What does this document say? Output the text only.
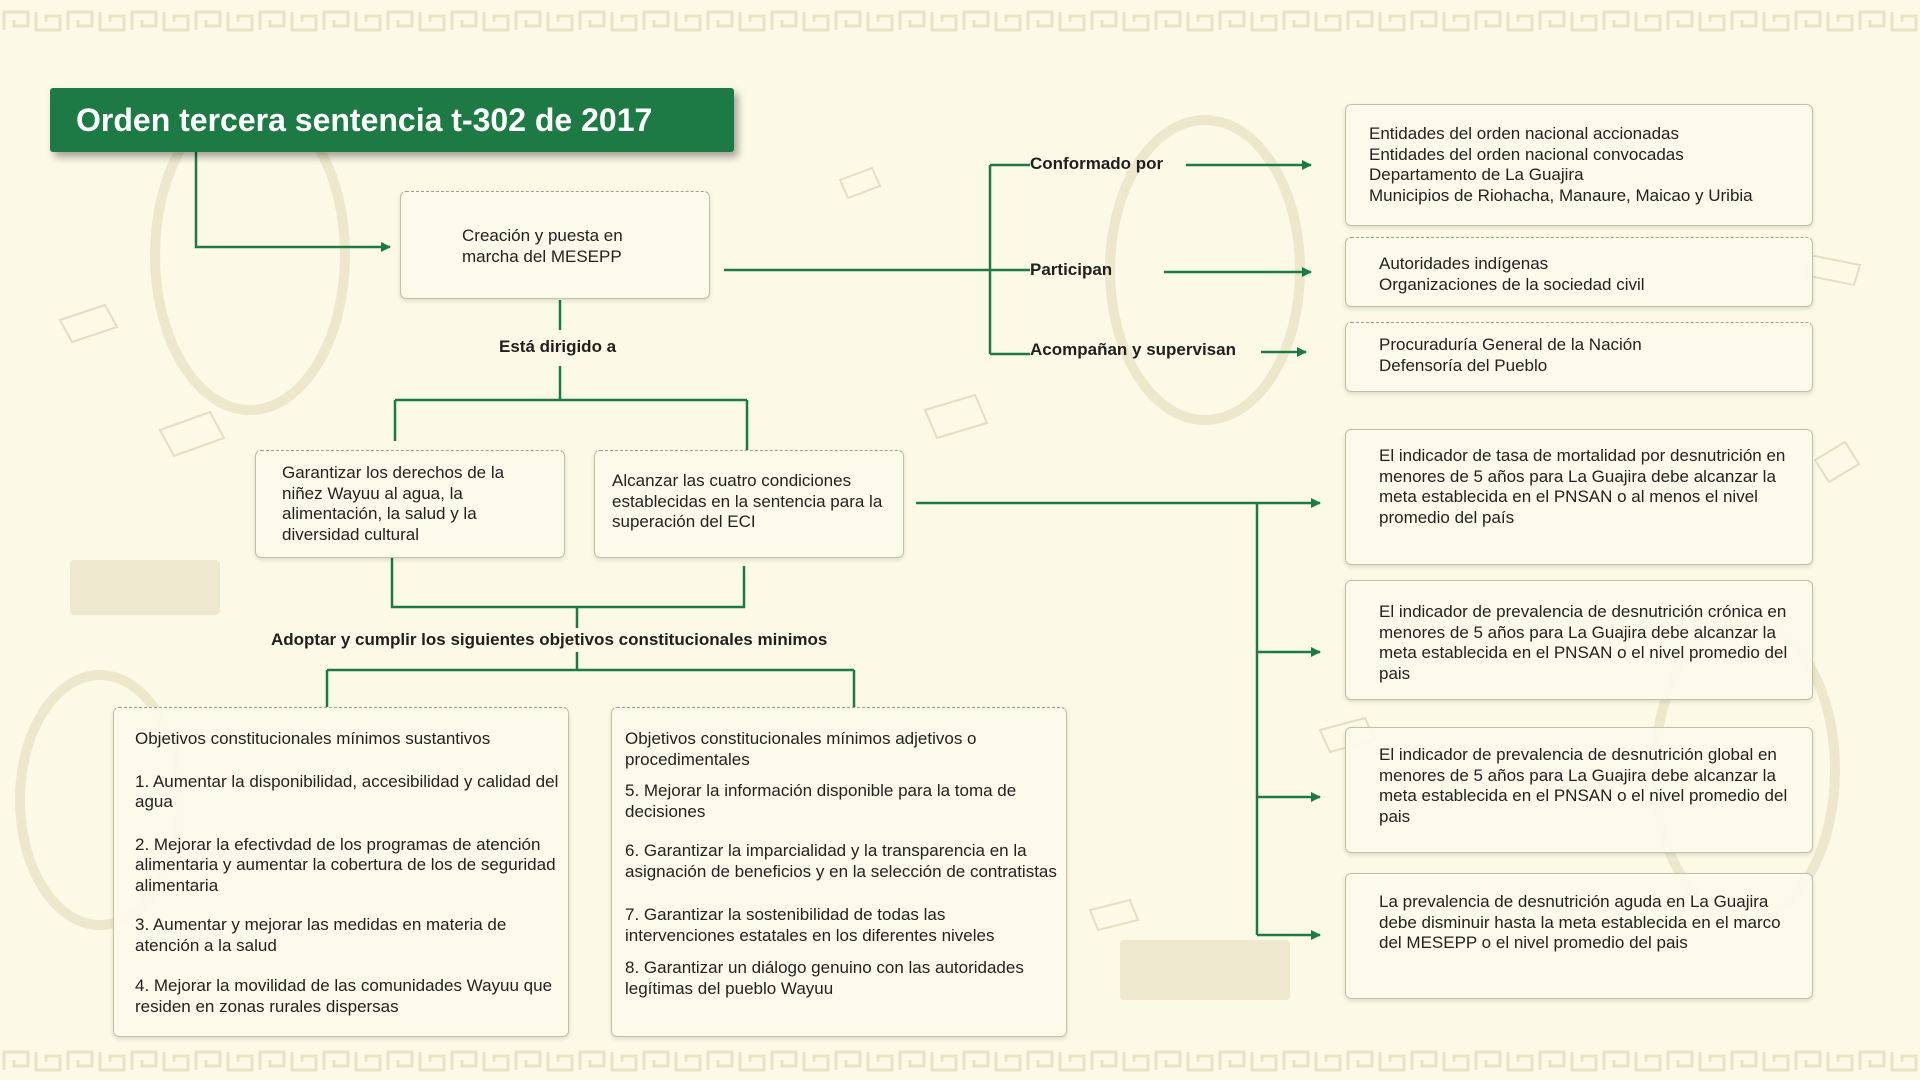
Orden tercera sentencia t-302 de 2017
Creación y puesta en marcha del MESEPP
Está dirigido a
Conformado por
Participan
Acompañan y supervisan
Adoptar y cumplir los siguientes objetivos constitucionales minimos
Entidades del orden nacional accionadas
Entidades del orden nacional convocadas
Departamento de La Guajira
Municipios de Riohacha, Manaure, Maicao y Uribia
Autoridades indígenas
Organizaciones de la sociedad civil
Procuraduría General de la Nación
Defensoría del Pueblo
Garantizar los derechos de la niñez Wayuu al agua, la alimentación, la salud y la diversidad cultural
Alcanzar las cuatro condiciones establecidas en la sentencia para la superación del ECI
El indicador de tasa de mortalidad por desnutrición en menores de 5 años para La Guajira debe alcanzar la meta establecida en el PNSAN o al menos el nivel promedio del país
El indicador de prevalencia de desnutrición crónica en menores de 5 años para La Guajira debe alcanzar la meta establecida en el PNSAN o el nivel promedio del pais
El indicador de prevalencia de desnutrición global en menores de 5 años para La Guajira debe alcanzar la meta establecida en el PNSAN o el nivel promedio del pais
La prevalencia de desnutrición aguda en La Guajira debe disminuir hasta la meta establecida en el marco del MESEPP o el nivel promedio del pais
Objetivos constitucionales mínimos sustantivos
1. Aumentar la disponibilidad, accesibilidad y calidad del agua
2. Mejorar la efectivdad de los programas de atención alimentaria y aumentar la cobertura de los de seguridad alimentaria
3. Aumentar y mejorar las medidas en materia de atención a la salud
4. Mejorar la movilidad de las comunidades Wayuu que residen en zonas rurales dispersas
Objetivos constitucionales mínimos adjetivos o procedimentales
5. Mejorar la información disponible para la toma de decisiones
6. Garantizar la imparcialidad y la transparencia en la asignación de beneficios y en la selección de contratistas
7. Garantizar la sostenibilidad de todas las intervenciones estatales en los diferentes niveles
8. Garantizar un diálogo genuino con las autoridades legítimas del pueblo Wayuu
